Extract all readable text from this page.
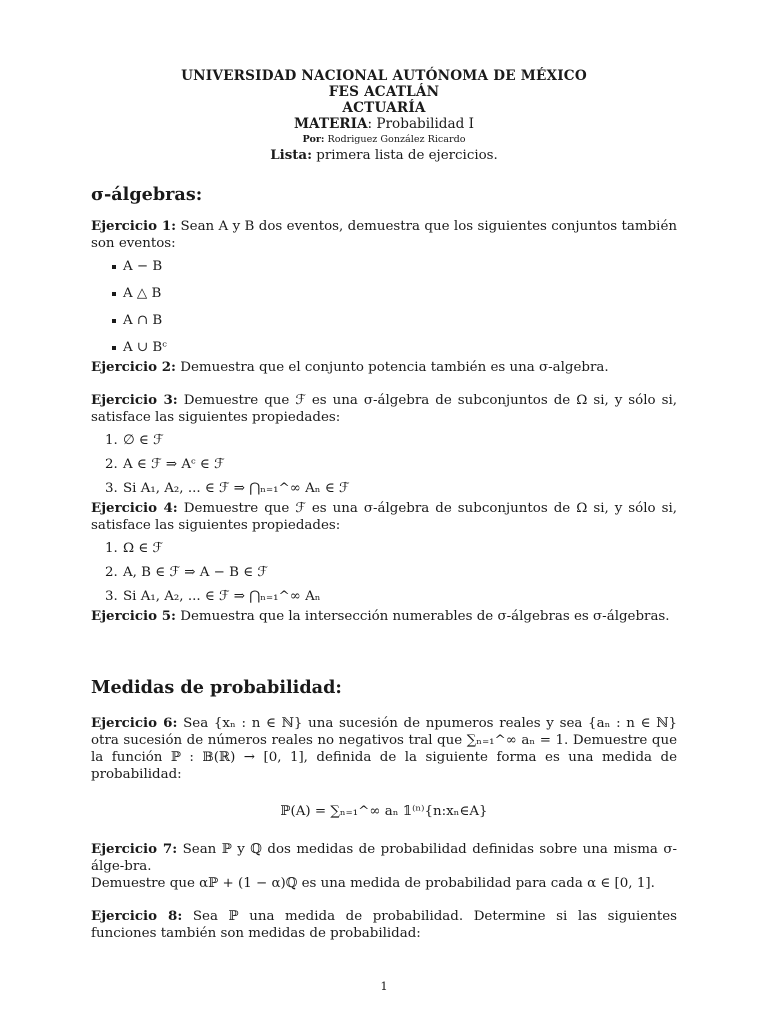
UNIVERSIDAD NACIONAL AUTÓNOMA DE MÉXICO
FES ACATLÁN
ACTUARÍA
MATERIA: Probabilidad I
Por: Rodriguez González Ricardo
Lista: primera lista de ejercicios.
σ-álgebras:

Ejercicio 1: Sean A y B dos eventos, demuestra que los siguientes conjuntos también son eventos:

A − B
A △ B
A ∩ B
A ∪ Bᶜ

Ejercicio 2: Demuestra que el conjunto potencia también es una σ-algebra.

Ejercicio 3: Demuestre que ℱ es una σ-álgebra de subconjuntos de Ω si, y sólo si, satisface las siguientes propiedades:

1. ∅ ∈ ℱ
2. A ∈ ℱ ⇒ Aᶜ ∈ ℱ
3. Si A₁, A₂, ... ∈ ℱ ⇒ ⋂ₙ₌₁^∞ Aₙ ∈ ℱ

Ejercicio 4: Demuestre que ℱ es una σ-álgebra de subconjuntos de Ω si, y sólo si, satisface las siguientes propiedades:

1. Ω ∈ ℱ
2. A, B ∈ ℱ ⇒ A − B ∈ ℱ
3. Si A₁, A₂, ... ∈ ℱ ⇒ ⋂ₙ₌₁^∞ Aₙ

Ejercicio 5: Demuestra que la intersección numerables de σ-álgebras es σ-álgebras.

Medidas de probabilidad:

Ejercicio 6: Sea {xₙ : n ∈ ℕ} una sucesión de npumeros reales y sea {aₙ : n ∈ ℕ} otra sucesión de números reales no negativos tral que ∑ₙ₌₁^∞ aₙ = 1. Demuestre que la función ℙ : 𝔹(ℝ) → [0, 1], definida de la siguiente forma es una medida de probabilidad:

ℙ(A) = ∑ₙ₌₁^∞ aₙ 𝟙⁽ⁿ⁾{n:xₙ∈A}

Ejercicio 7: Sean ℙ y ℚ dos medidas de probabilidad definidas sobre una misma σ-álge-bra.

Demuestre que αℙ + (1 − α)ℚ es una medida de probabilidad para cada α ∈ [0, 1].

Ejercicio 8: Sea ℙ una medida de probabilidad. Determine si las siguientes funciones también son medidas de probabilidad:

1
